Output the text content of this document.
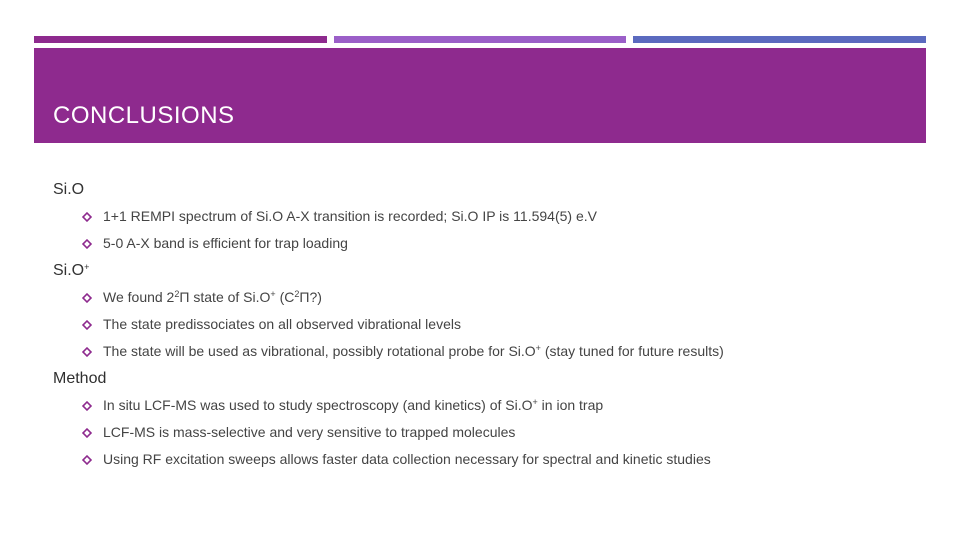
CONCLUSIONS
Si.O
1+1 REMPI spectrum of Si.O A-X transition is recorded; Si.O IP is 11.594(5) e.V
5-0 A-X band is efficient for trap loading
Si.O+
We found $2^2\Pi$ state of Si.O+ $(C^2\Pi?)$
The state predissociates on all observed vibrational levels
The state will be used as vibrational, possibly rotational probe for Si.O+ (stay tuned for future results)
Method
In situ LCF-MS was used to study spectroscopy (and kinetics) of Si.O+ in ion trap
LCF-MS is mass-selective and very sensitive to trapped molecules
Using RF excitation sweeps allows faster data collection necessary for spectral and kinetic studies
